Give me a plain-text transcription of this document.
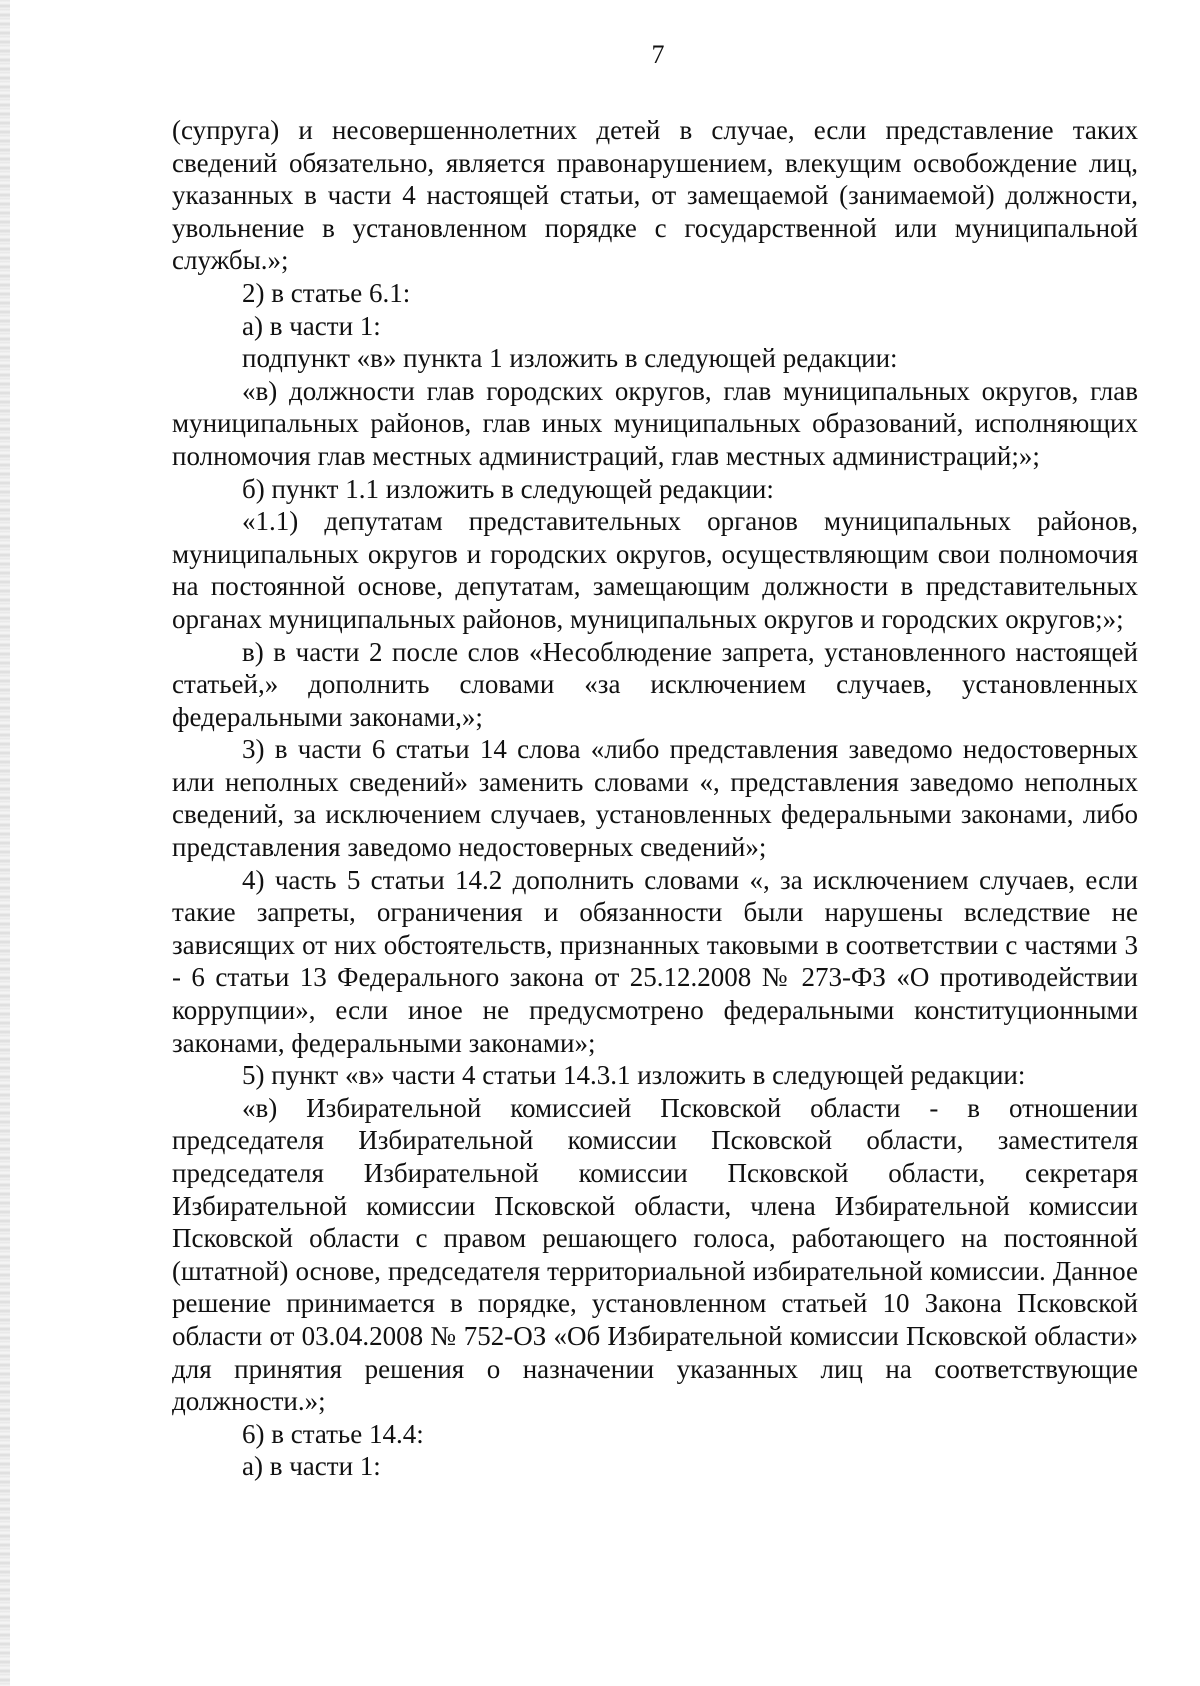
7

(супруга) и несовершеннолетних детей в случае, если представление таких сведений обязательно, является правонарушением, влекущим освобождение лиц, указанных в части 4 настоящей статьи, от замещаемой (занимаемой) должности, увольнение в установленном порядке с государственной или муниципальной службы.»;

2) в статье 6.1:

а) в части 1:

подпункт «в» пункта 1 изложить в следующей редакции:

«в) должности глав городских округов, глав муниципальных округов, глав муниципальных районов, глав иных муниципальных образований, исполняющих полномочия глав местных администраций, глав местных администраций;»;

б) пункт 1.1 изложить в следующей редакции:

«1.1) депутатам представительных органов муниципальных районов, муниципальных округов и городских округов, осуществляющим свои полномочия на постоянной основе, депутатам, замещающим должности в представительных органах муниципальных районов, муниципальных округов и городских округов;»;

в) в части 2 после слов «Несоблюдение запрета, установленного настоящей статьей,» дополнить словами «за исключением случаев, установленных федеральными законами,»;

3) в части 6 статьи 14 слова «либо представления заведомо недостоверных или неполных сведений» заменить словами «, представления заведомо неполных сведений, за исключением случаев, установленных федеральными законами, либо представления заведомо недостоверных сведений»;

4) часть 5 статьи 14.2 дополнить словами «, за исключением случаев, если такие запреты, ограничения и обязанности были нарушены вследствие не зависящих от них обстоятельств, признанных таковыми в соответствии с частями 3 - 6 статьи 13 Федерального закона от 25.12.2008 № 273-ФЗ «О противодействии коррупции», если иное не предусмотрено федеральными конституционными законами, федеральными законами»;

5) пункт «в» части 4 статьи 14.3.1 изложить в следующей редакции:

«в) Избирательной комиссией Псковской области - в отношении председателя Избирательной комиссии Псковской области, заместителя председателя Избирательной комиссии Псковской области, секретаря Избирательной комиссии Псковской области, члена Избирательной комиссии Псковской области с правом решающего голоса, работающего на постоянной (штатной) основе, председателя территориальной избирательной комиссии. Данное решение принимается в порядке, установленном статьей 10 Закона Псковской области от 03.04.2008 № 752-ОЗ «Об Избирательной комиссии Псковской области» для принятия решения о назначении указанных лиц на соответствующие должности.»;

6) в статье 14.4:

а) в части 1:
